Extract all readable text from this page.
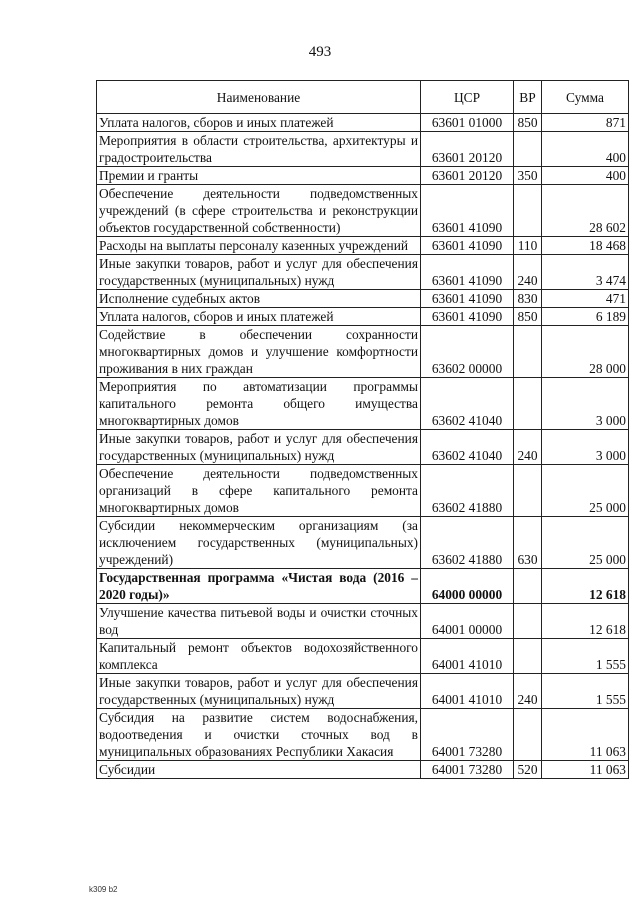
493
Наименование	ЦСР	ВР	Сумма
Уплата налогов, сборов и иных платежей	63601 01000	850	871
Мероприятия в области строительства, архитектуры и градостроительства	63601 20120		400
Премии и гранты	63601 20120	350	400
Обеспечение деятельности подведомственных учреждений (в сфере строительства и реконструкции объектов государственной собственности)	63601 41090		28 602
Расходы на выплаты персоналу казенных учреждений	63601 41090	110	18 468
Иные закупки товаров, работ и услуг для обеспечения государственных (муниципальных) нужд	63601 41090	240	3 474
Исполнение судебных актов	63601 41090	830	471
Уплата налогов, сборов и иных платежей	63601 41090	850	6 189
Содействие в обеспечении сохранности многоквартирных домов и улучшение комфортности проживания в них граждан	63602 00000		28 000
Мероприятия по автоматизации программы капитального ремонта общего имущества многоквартирных домов	63602 41040		3 000
Иные закупки товаров, работ и услуг для обеспечения государственных (муниципальных) нужд	63602 41040	240	3 000
Обеспечение деятельности подведомственных организаций в сфере капитального ремонта многоквартирных домов	63602 41880		25 000
Субсидии некоммерческим организациям (за исключением государственных (муниципальных) учреждений)	63602 41880	630	25 000
Государственная программа «Чистая вода (2016 – 2020 годы)»	64000 00000		12 618
Улучшение качества питьевой воды и очистки сточных вод	64001 00000		12 618
Капитальный ремонт объектов водохозяйственного комплекса	64001 41010		1 555
Иные закупки товаров, работ и услуг для обеспечения государственных (муниципальных) нужд	64001 41010	240	1 555
Субсидия на развитие систем водоснабжения, водоотведения и очистки сточных вод в муниципальных образованиях Республики Хакасия	64001 73280		11 063
Субсидии	64001 73280	520	11 063
k309 b2
